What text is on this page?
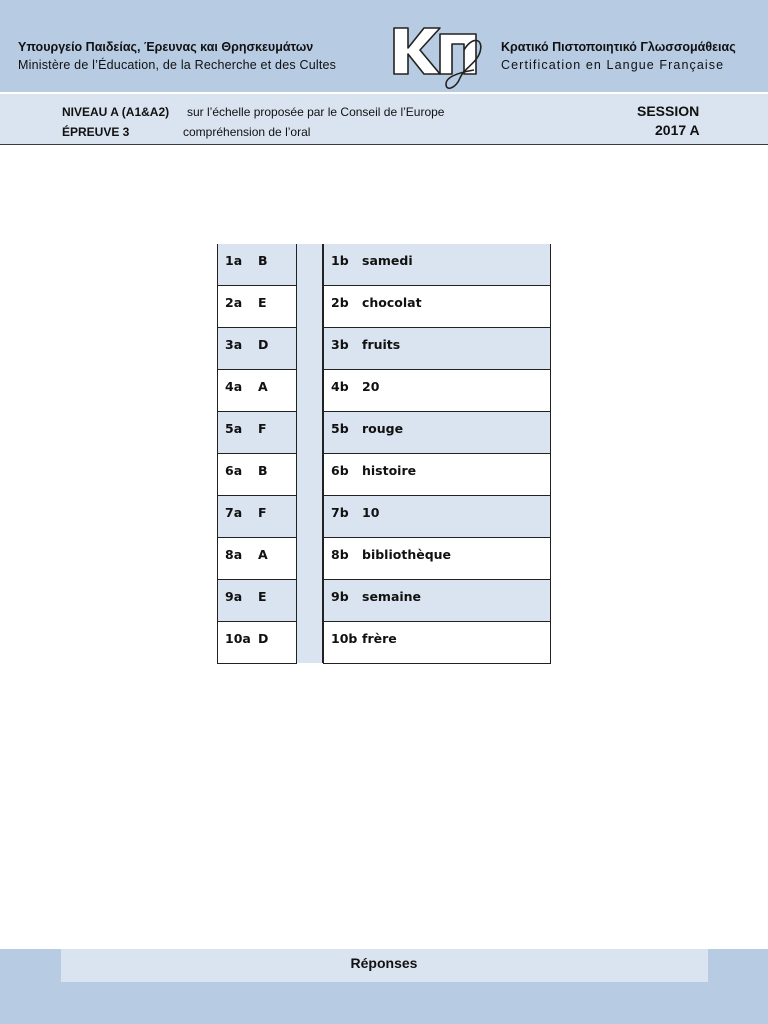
Υπουργείο Παιδείας, Έρευνας και Θρησκευμάτων
Ministère de l’Éducation, de la Recherche et des Cultes
Κρατικό Πιστοποιητικό Γλωσσομάθειας
Certification en Langue Française
NIVEAU A (A1&A2) sur l’échelle proposée par le Conseil de l’Europe
ÉPREUVE 3	compréhension de l’oral
SESSION
2017 A
1a B	1b samedi
2a E	2b chocolat
3a D	3b fruits
4a A	4b 20
5a F	5b rouge
6a B	6b histoire
7a F	7b 10
8a A	8b bibliothèque
9a E	9b semaine
10a D	10b frère
Réponses
